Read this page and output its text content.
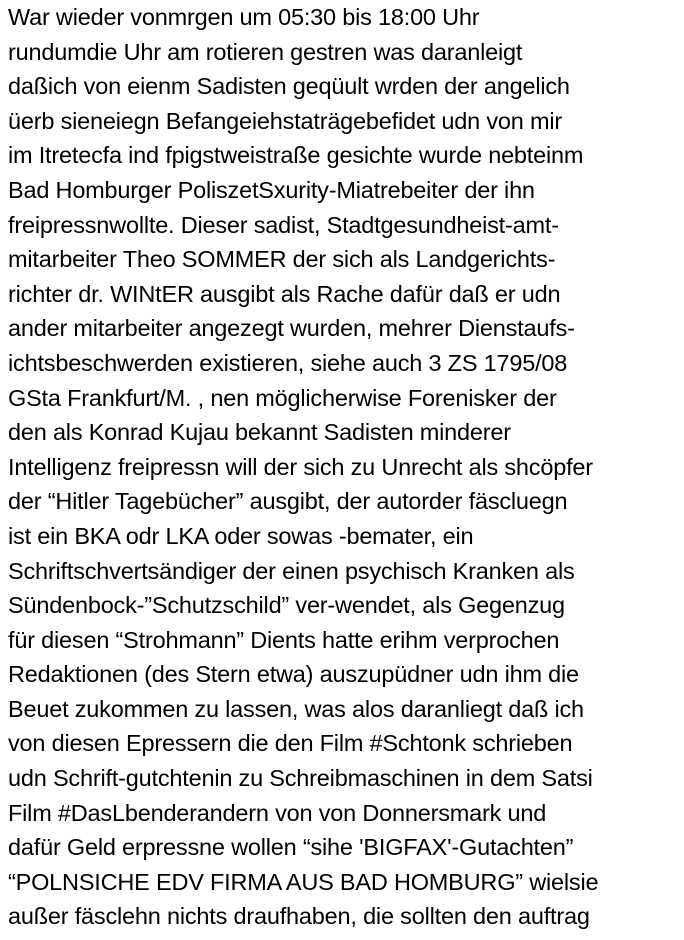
War wieder vonmrgen um 05:30 bis 18:00 Uhr
rundumdie Uhr am rotieren gestren was daranleigt
daßich von eienm Sadisten geqüult wrden der angelich
üerb sieneiegn Befangeiehstaträgebefidet udn von mir
im Itretecfa ind fpigstweistraße gesichte wurde nebteinm
Bad Homburger PoliszetSxurity-Miatrebeiter der ihn
freipressnwollte. Dieser sadist, Stadtgesundheist-amt-
mitarbeiter Theo SOMMER der sich als Landgerichts-
richter dr. WINtER ausgibt als Rache dafür daß er udn
ander mitarbeiter angezegt wurden, mehrer Dienstaufs-
ichtsbeschwerden existieren, siehe auch 3 ZS 1795/08
GSta Frankfurt/M. , nen möglicherwise Forenisker der
den als Konrad Kujau bekannt Sadisten minderer
Intelligenz freipressn will der sich zu Unrecht als shcöpfer
der “Hitler Tagebücher” ausgibt, der autorder fäscluegn
ist ein BKA odr LKA oder sowas -bemater, ein
Schriftschvertsändiger der einen psychisch Kranken als
Sündenbock-”Schutzschild” ver-wendet, als Gegenzug
für diesen “Strohmann” Dients hatte erihm verprochen
Redaktionen (des Stern etwa) auszupüdner udn ihm die
Beuet zukommen zu lassen, was alos daranliegt daß ich
von diesen Epressern die den Film #Schtonk schrieben
udn Schrift-gutchtenin zu Schreibmaschinen in dem Satsi
Film #DasLbenderandern von von Donnersmark und
dafür Geld erpressne wollen “sihe 'BIGFAX'-Gutachten”
“POLNSICHE EDV FIRMA AUS BAD HOMBURG” wielsie
außer fäsclehn nichts draufhaben, die sollten den auftrag
